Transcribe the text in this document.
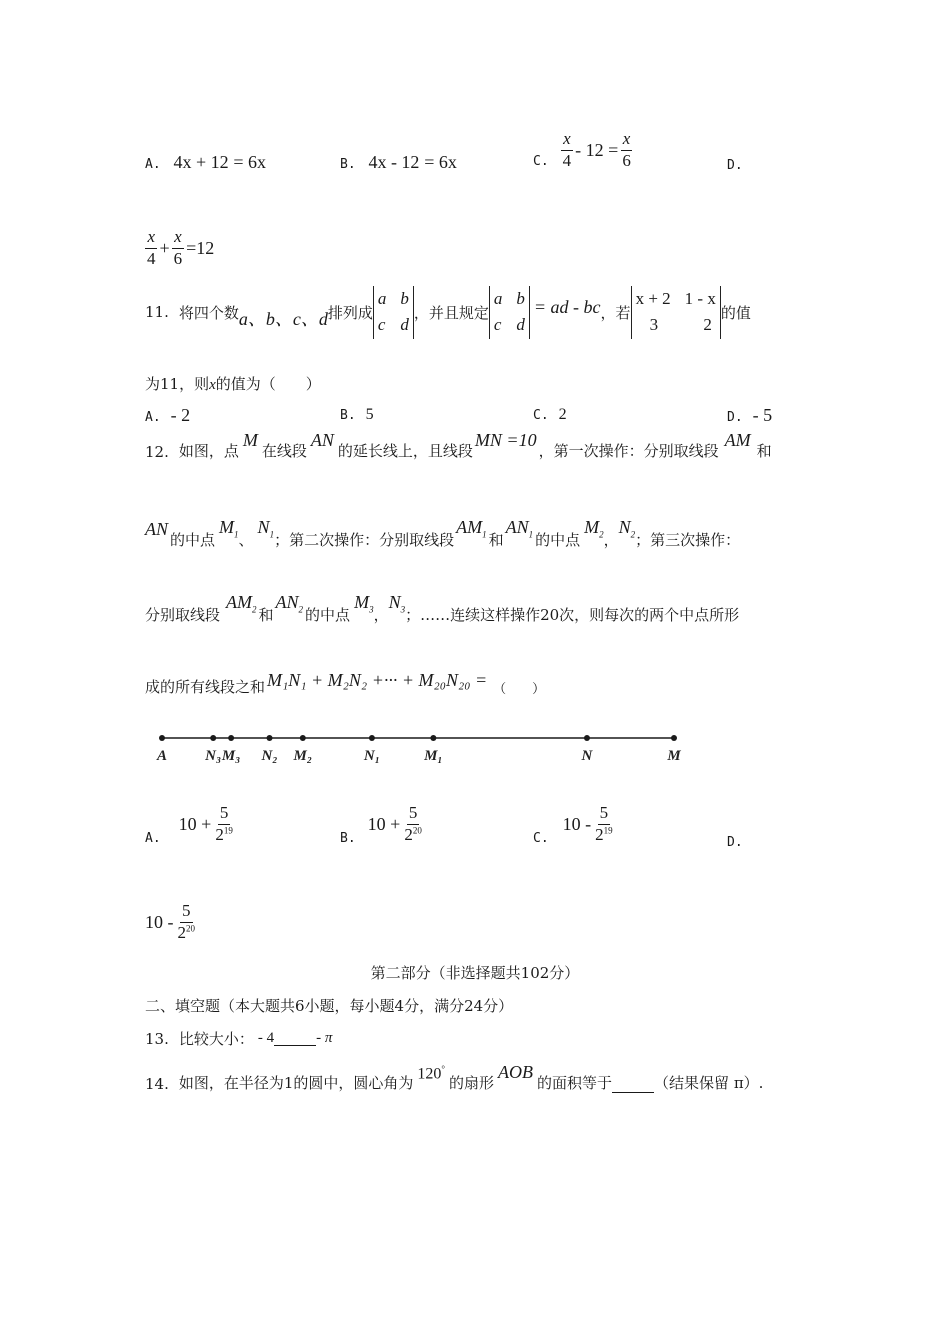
A. 4x + 12 = 6x	B. 4x - 12 = 6x	C. $\frac{x}{4} - 12 = \frac{x}{6}$	D.
$\frac{x}{4} + \frac{x}{6} =12$
11. 将四个数 a、b、c、d 排列成
a b
c d
，并且规定
a b
c d
= ad - bc ，若
x + 2 1 - x
3	2
的值
为11，则x的值为（　　）
A. - 2	B. 5	C. 2	D. - 5
12. 如图，点
M
在线段
AN
的延长线上，且线段
MN =10
，第一次操作：分别取线段
AM
和
AN
的中点
$M_1$ 、
$N_1$ ；第二次操作：分别取线段
$AM_1$ 和
$AN_1$ 的中点
$M_2$ ，
$N_2$ ；第三次操作：
分别取线段
$AM_2$ 和
$AN_2$ 的中点
$M_3$ ，
$N_3$ ；……连续这样操作20次，则每次的两个中点所形
成的所有线段之和 M₁N₁ + M₂N₂ +··· + M₂₀N₂₀ = （　　）
A	N₃ M₃ N₂ M₂	N₁	M₁	N	M
A.
$10 + \frac{5}{2^{19}}$	B.
$10 + \frac{5}{2^{20}}$	C.
$10 - \frac{5}{2^{19}}$	D.
$10 - \frac{5}{2^{20}}$
第二部分（非选择题共102分）
二、填空题（本大题共6小题，每小题4分，满分24分）
13. 比较大小： - 4	- π
14. 如图，在半径为1的圆中，圆心角为
120°
的扇形
AOB
的面积等于	（结果保留 π）.
